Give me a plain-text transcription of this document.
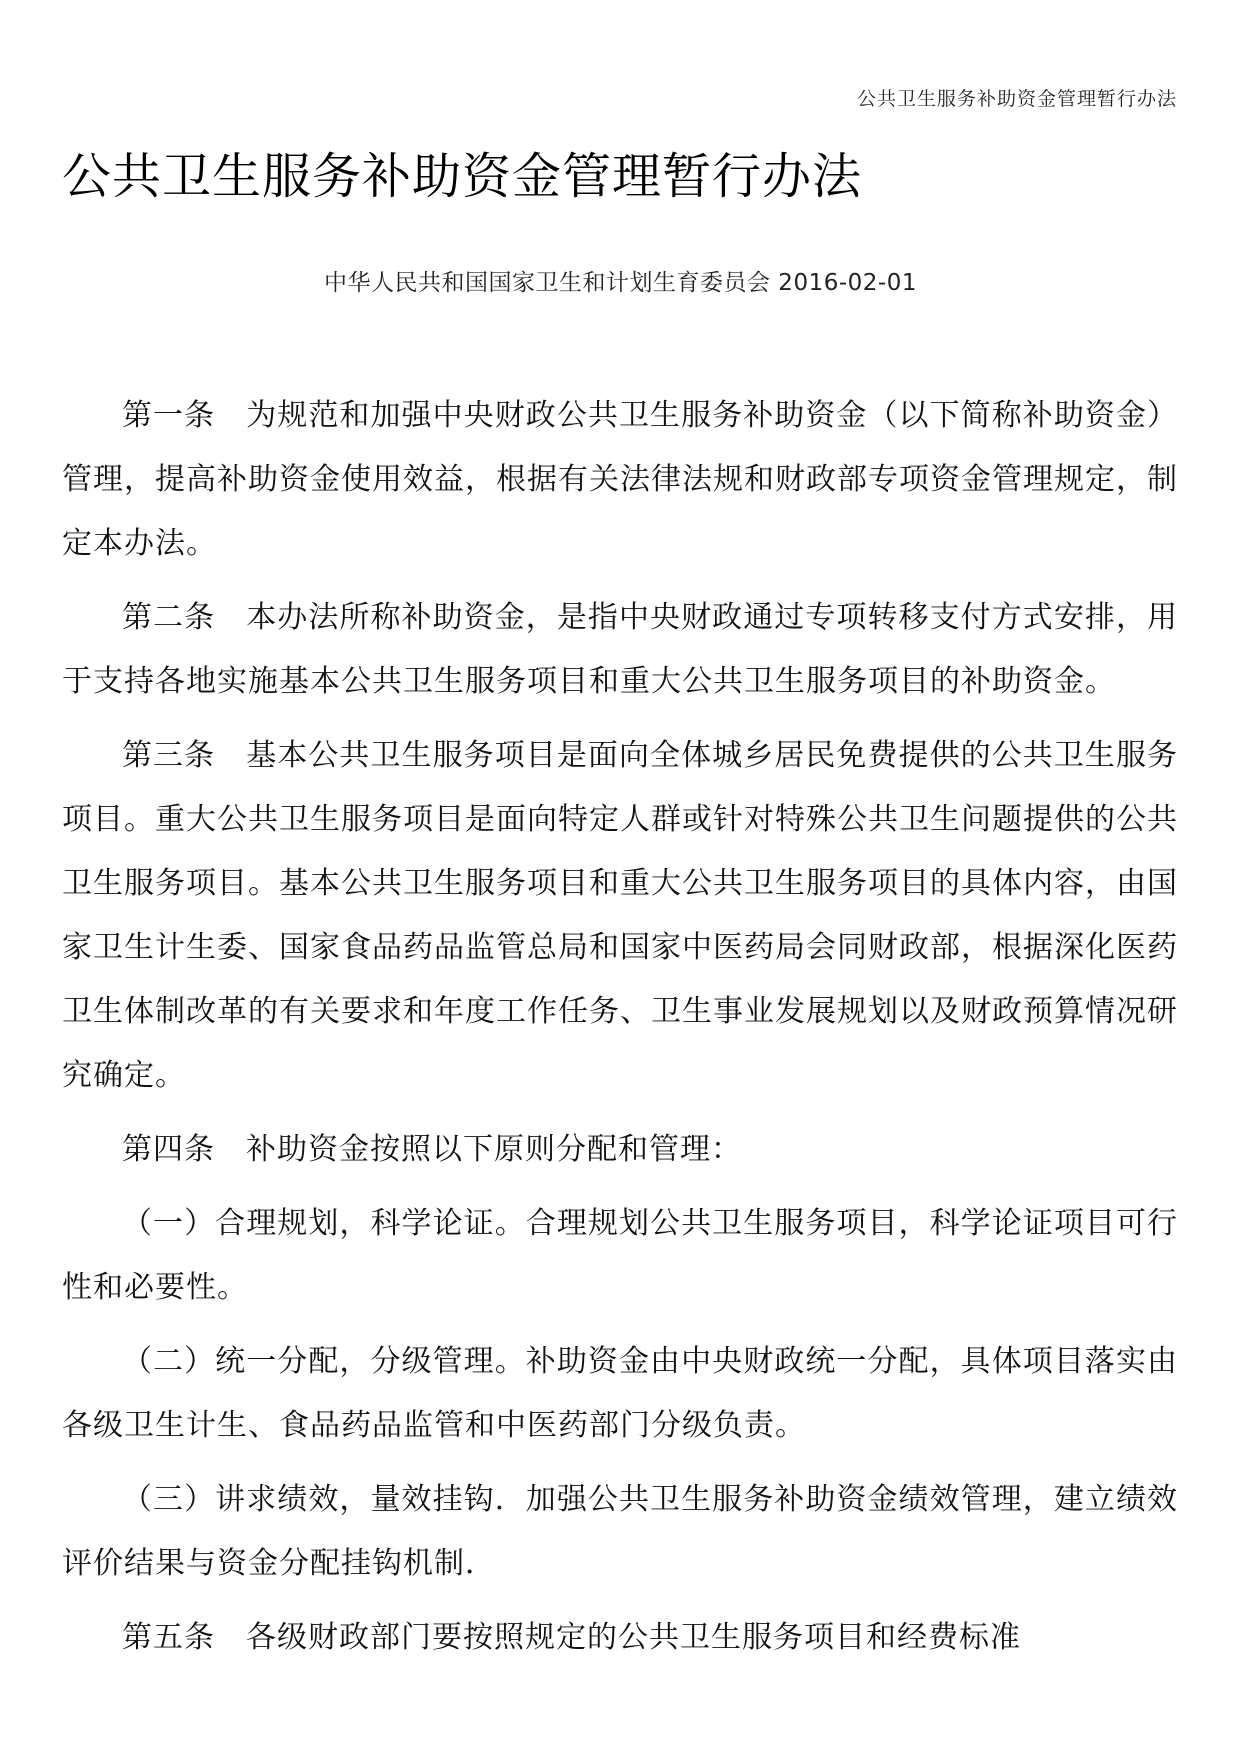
公共卫生服务补助资金管理暂行办法
公共卫生服务补助资金管理暂行办法
中华人民共和国国家卫生和计划生育委员会 2016-02-01

第一条　为规范和加强中央财政公共卫生服务补助资金（以下简称补助资金）管理，提高补助资金使用效益，根据有关法律法规和财政部专项资金管理规定，制定本办法。

第二条　本办法所称补助资金，是指中央财政通过专项转移支付方式安排，用于支持各地实施基本公共卫生服务项目和重大公共卫生服务项目的补助资金。

第三条　基本公共卫生服务项目是面向全体城乡居民免费提供的公共卫生服务项目。重大公共卫生服务项目是面向特定人群或针对特殊公共卫生问题提供的公共卫生服务项目。基本公共卫生服务项目和重大公共卫生服务项目的具体内容，由国家卫生计生委、国家食品药品监管总局和国家中医药局会同财政部，根据深化医药卫生体制改革的有关要求和年度工作任务、卫生事业发展规划以及财政预算情况研究确定。

第四条　补助资金按照以下原则分配和管理：

（一）合理规划，科学论证。合理规划公共卫生服务项目，科学论证项目可行性和必要性。

（二）统一分配，分级管理。补助资金由中央财政统一分配，具体项目落实由各级卫生计生、食品药品监管和中医药部门分级负责。

（三）讲求绩效，量效挂钩．加强公共卫生服务补助资金绩效管理，建立绩效评价结果与资金分配挂钩机制．

第五条　各级财政部门要按照规定的公共卫生服务项目和经费标准
